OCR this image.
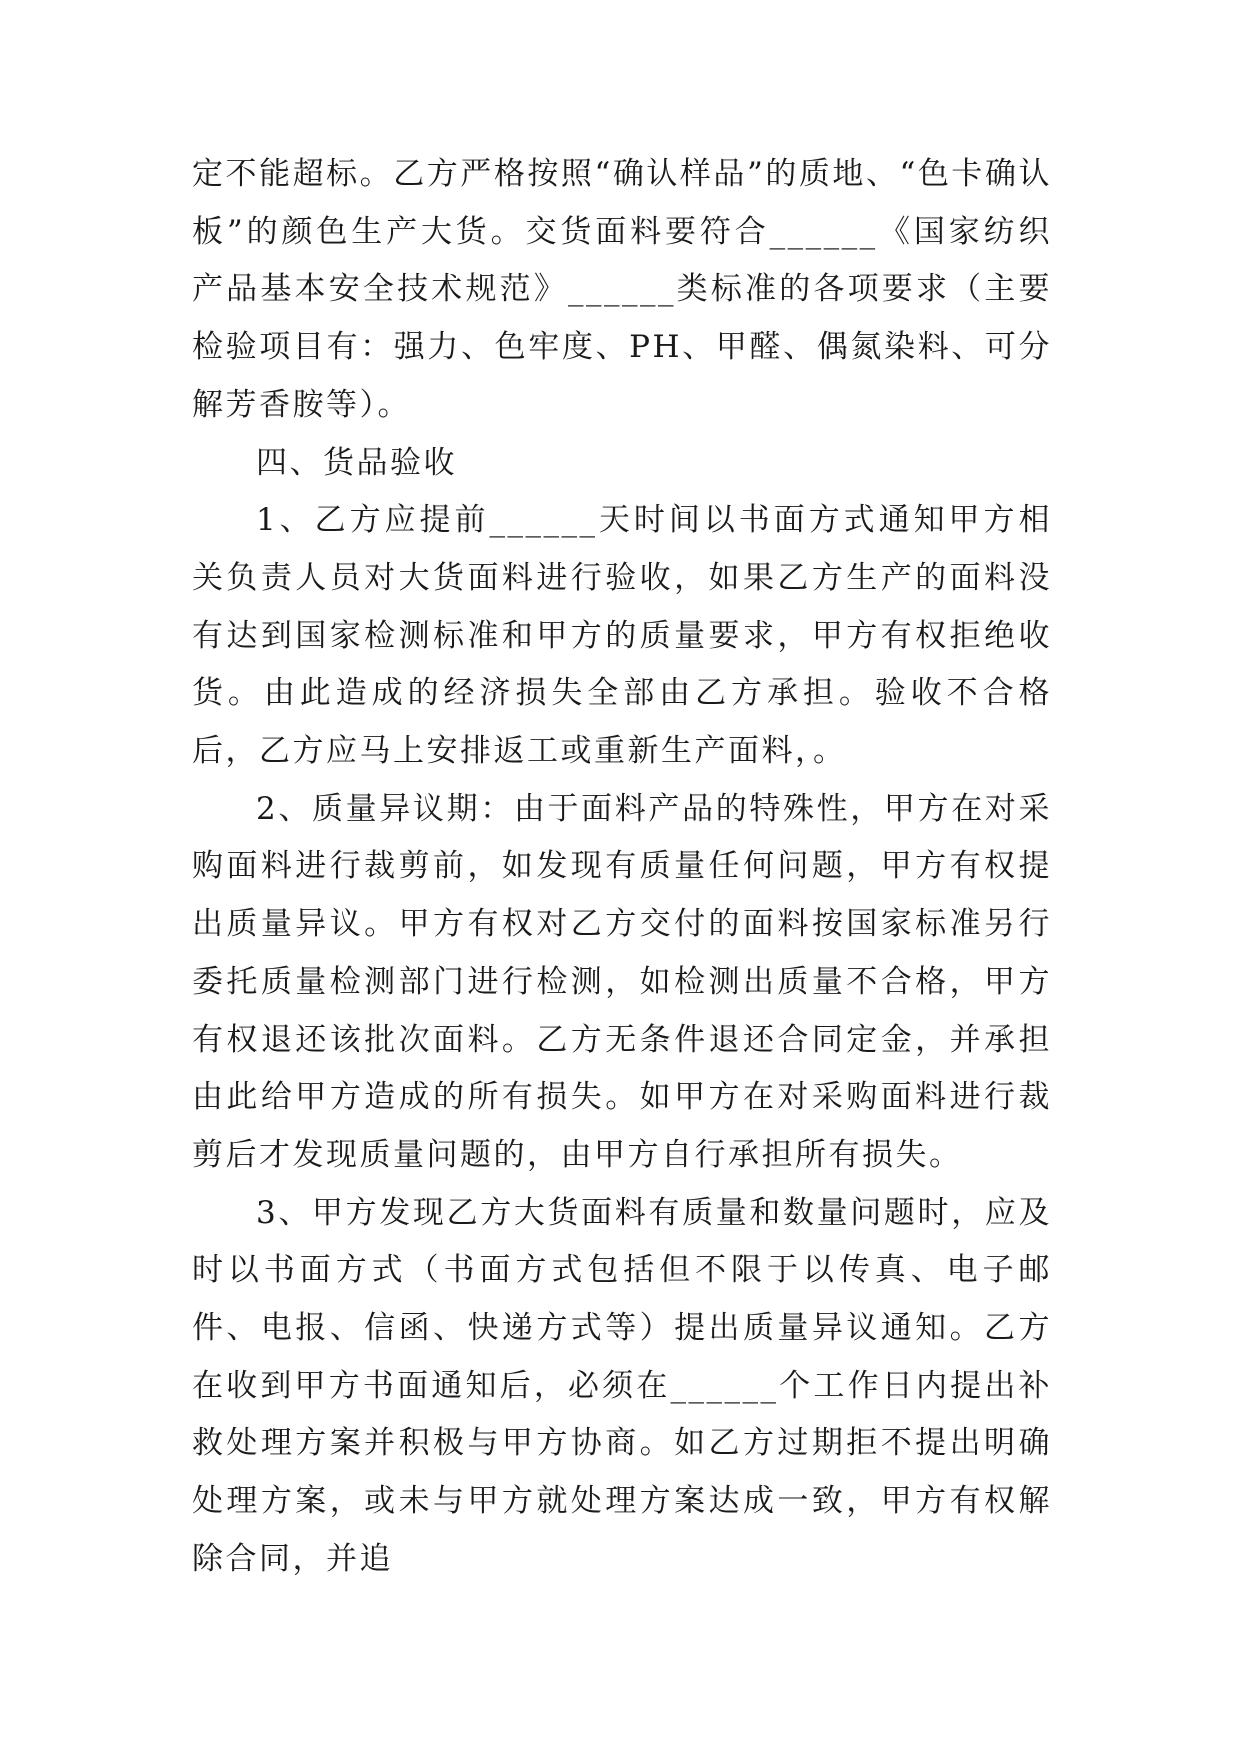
定不能超标。乙方严格按照“确认样品”的质地、“色卡确认板”的颜色生产大货。交货面料要符合______《国家纺织产品基本安全技术规范》______类标准的各项要求（主要检验项目有：强力、色牢度、PH、甲醛、偶氮染料、可分解芳香胺等）。

四、货品验收

1、乙方应提前______天时间以书面方式通知甲方相关负责人员对大货面料进行验收，如果乙方生产的面料没有达到国家检测标准和甲方的质量要求，甲方有权拒绝收货。由此造成的经济损失全部由乙方承担。验收不合格后，乙方应马上安排返工或重新生产面料，。

2、质量异议期：由于面料产品的特殊性，甲方在对采购面料进行裁剪前，如发现有质量任何问题，甲方有权提出质量异议。甲方有权对乙方交付的面料按国家标准另行委托质量检测部门进行检测，如检测出质量不合格，甲方有权退还该批次面料。乙方无条件退还合同定金，并承担由此给甲方造成的所有损失。如甲方在对采购面料进行裁剪后才发现质量问题的，由甲方自行承担所有损失。

3、甲方发现乙方大货面料有质量和数量问题时，应及时以书面方式（书面方式包括但不限于以传真、电子邮件、电报、信函、快递方式等）提出质量异议通知。乙方在收到甲方书面通知后，必须在______个工作日内提出补救处理方案并积极与甲方协商。如乙方过期拒不提出明确处理方案，或未与甲方就处理方案达成一致，甲方有权解除合同，并追
